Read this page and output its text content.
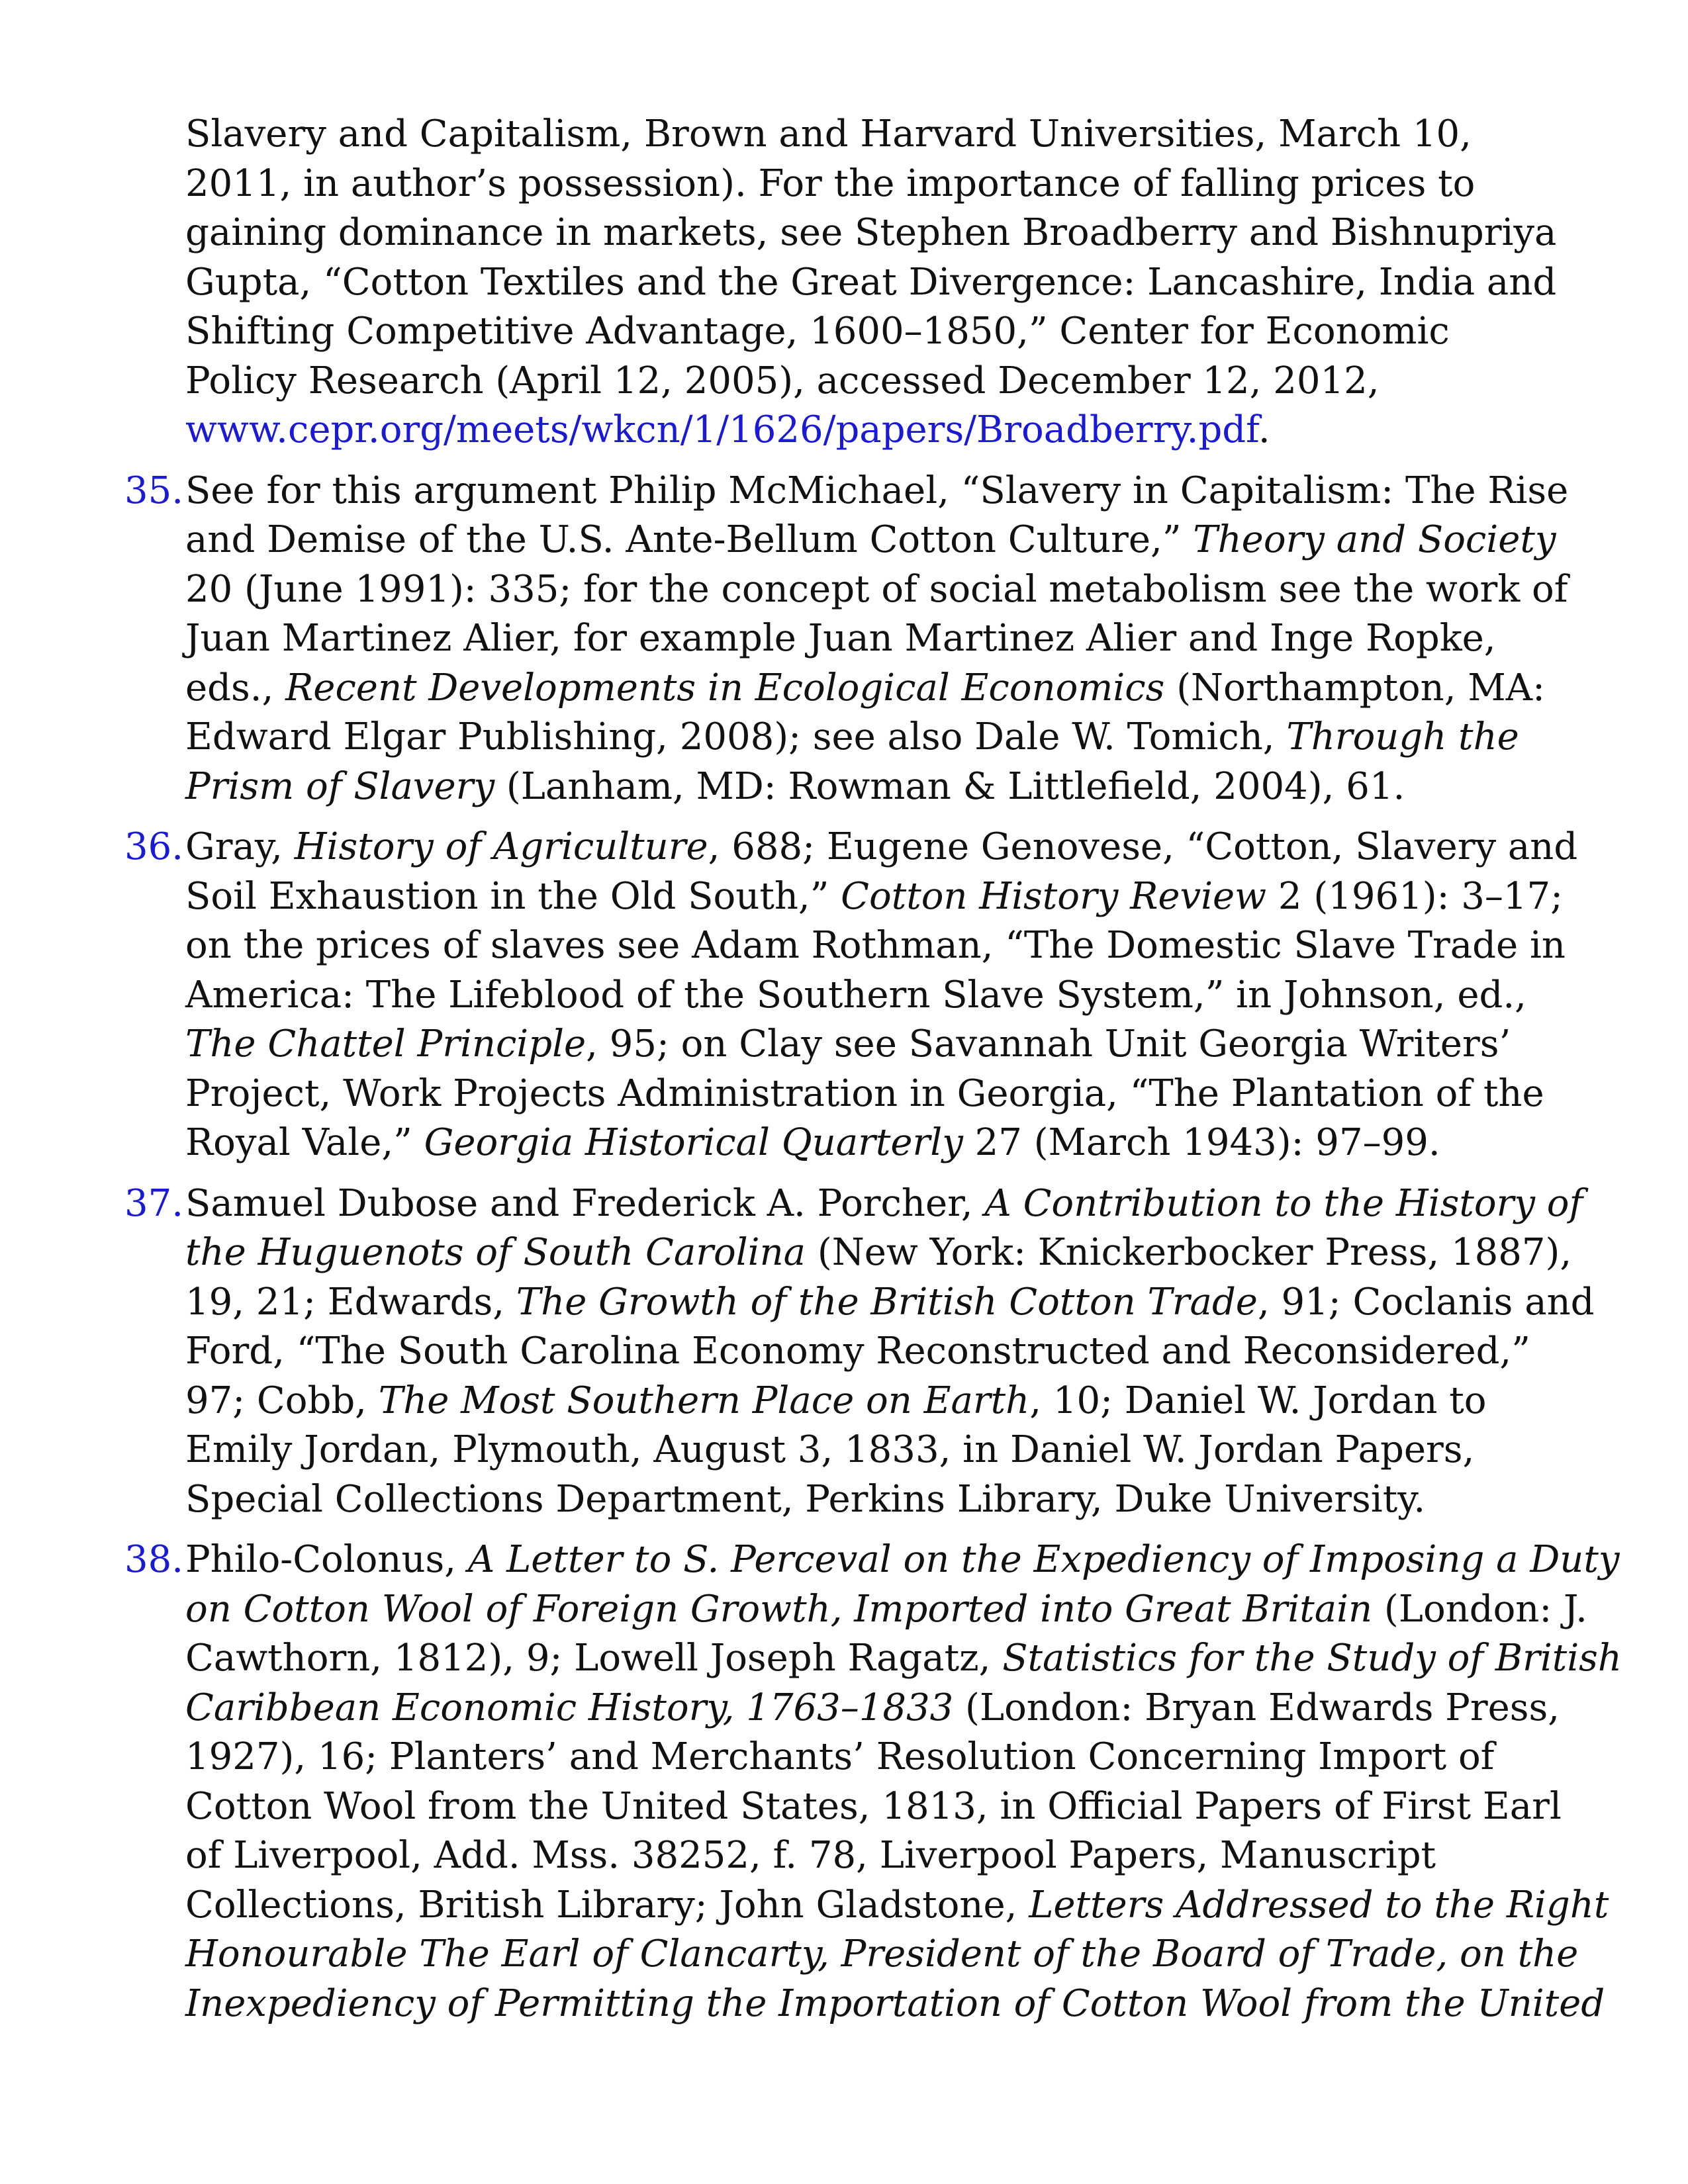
Slavery and Capitalism, Brown and Harvard Universities, March 10,
2011, in author’s possession). For the importance of falling prices to
gaining dominance in markets, see Stephen Broadberry and Bishnupriya
Gupta, “Cotton Textiles and the Great Divergence: Lancashire, India and
Shifting Competitive Advantage, 1600–1850,” Center for Economic
Policy Research (April 12, 2005), accessed December 12, 2012,
www.cepr.org/meets/wkcn/1/1626/papers/Broadberry.pdf.
35. See for this argument Philip McMichael, “Slavery in Capitalism: The Rise
and Demise of the U.S. Ante-Bellum Cotton Culture,” Theory and Society
20 (June 1991): 335; for the concept of social metabolism see the work of
Juan Martinez Alier, for example Juan Martinez Alier and Inge Ropke,
eds., Recent Developments in Ecological Economics (Northampton, MA:
Edward Elgar Publishing, 2008); see also Dale W. Tomich, Through the
Prism of Slavery (Lanham, MD: Rowman & Littlefield, 2004), 61.
36. Gray, History of Agriculture, 688; Eugene Genovese, “Cotton, Slavery and
Soil Exhaustion in the Old South,” Cotton History Review 2 (1961): 3–17;
on the prices of slaves see Adam Rothman, “The Domestic Slave Trade in
America: The Lifeblood of the Southern Slave System,” in Johnson, ed.,
The Chattel Principle, 95; on Clay see Savannah Unit Georgia Writers’
Project, Work Projects Administration in Georgia, “The Plantation of the
Royal Vale,” Georgia Historical Quarterly 27 (March 1943): 97–99.
37. Samuel Dubose and Frederick A. Porcher, A Contribution to the History of
the Huguenots of South Carolina (New York: Knickerbocker Press, 1887),
19, 21; Edwards, The Growth of the British Cotton Trade, 91; Coclanis and
Ford, “The South Carolina Economy Reconstructed and Reconsidered,”
97; Cobb, The Most Southern Place on Earth, 10; Daniel W. Jordan to
Emily Jordan, Plymouth, August 3, 1833, in Daniel W. Jordan Papers,
Special Collections Department, Perkins Library, Duke University.
38. Philo-Colonus, A Letter to S. Perceval on the Expediency of Imposing a Duty
on Cotton Wool of Foreign Growth, Imported into Great Britain (London: J.
Cawthorn, 1812), 9; Lowell Joseph Ragatz, Statistics for the Study of British
Caribbean Economic History, 1763–1833 (London: Bryan Edwards Press,
1927), 16; Planters’ and Merchants’ Resolution Concerning Import of
Cotton Wool from the United States, 1813, in Official Papers of First Earl
of Liverpool, Add. Mss. 38252, f. 78, Liverpool Papers, Manuscript
Collections, British Library; John Gladstone, Letters Addressed to the Right
Honourable The Earl of Clancarty, President of the Board of Trade, on the
Inexpediency of Permitting the Importation of Cotton Wool from the United
